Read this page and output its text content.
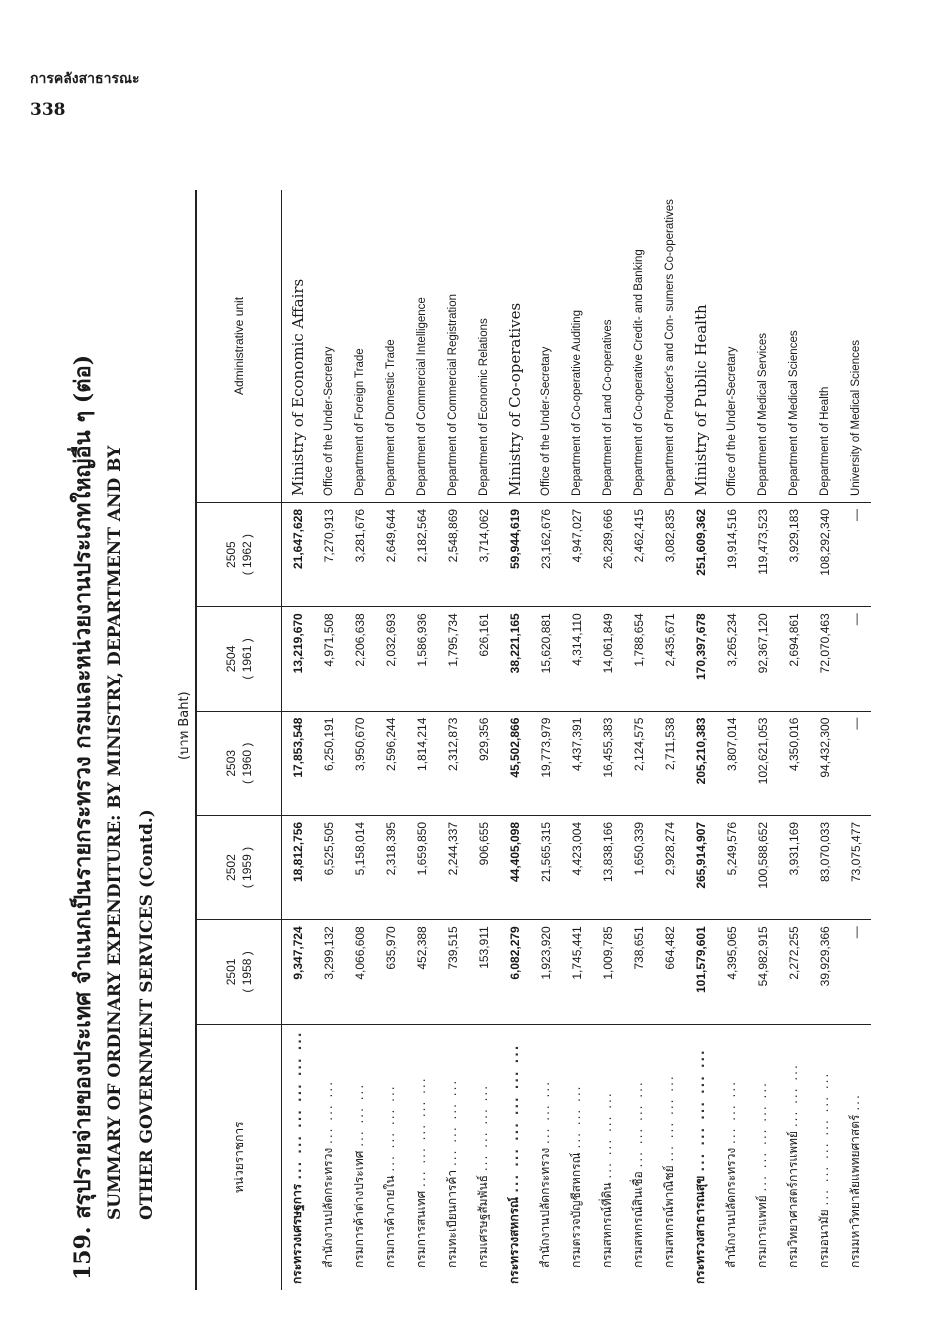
การคลังสาธารณะ
338
159. สรุปรายจ่ายของประเทศ จำแนกเป็นรายกระทรวง กรมและหน่วยงานประเภทใหญ่อื่น ๆ (ต่อ) SUMMARY OF ORDINARY EXPENDITURE: BY MINISTRY, DEPARTMENT AND BY OTHER GOVERNMENT SERVICES (Contd.)
(บาท Baht)
หน่วยราชการ	2501 ( 1958 )	2502 ( 1959 )	2503 ( 1960 )	2504 ( 1961 )	2505 ( 1962 )	Administrative unit
กระทรวงเศรษฐการ ... ... ... ... ... ...	9,347,724	18,812,756	17,853,548	13,219,670	21,647,628	Ministry of Economic Affairs
สำนักงานปลัดกระทรวง ... ... ...	3,299,132	6,525,505	6,250,191	4,971,508	7,270,913	Office of the Under-Secretary
กรมการค้าต่างประเทศ ... ... ...	4,066,608	5,158,014	3,950,670	2,206,638	3,281,676	Department of Foreign Trade
กรมการค้าภายใน ... ... ... ...	635,970	2,318,395	2,596,244	2,032,693	2,649,644	Department of Domestic Trade
กรมการสนเทศ ... ... ... ... ...	452,388	1,659,850	1,814,214	1,586,936	2,182,564	Department of Commercial Intelligence
กรมทะเบียนการค้า ... ... ... ...	739,515	2,244,337	2,312,873	1,795,734	2,548,869	Department of Commercial Registration
กรมเศรษฐสัมพันธ์ ... ... ... ...	153,911	906,655	929,356	626,161	3,714,062	Department of Economic Relations
กระทรวงสหกรณ์ ... ... ... ... ... ...	6,082,279	44,405,098	45,502,866	38,221,165	59,944,619	Ministry of Co-operatives
สำนักงานปลัดกระทรวง ... ... ...	1,923,920	21,565,315	19,773,979	15,620,881	23,162,676	Office of the Under-Secretary
กรมตรวจบัญชีสหกรณ์ ... ... ...	1,745,441	4,423,004	4,437,391	4,314,110	4,947,027	Department of Co-operative Auditing
กรมสหกรณ์ที่ดิน ... ... ... ...	1,009,785	13,838,166	16,455,383	14,061,849	26,289,666	Department of Land Co-operatives
กรมสหกรณ์สินเชื่อ ... ... ... ...	738,651	1,650,339	2,124,575	1,788,654	2,462,415	Department of Co-operative Credit- and Banking
กรมสหกรณ์พาณิชย์ ... ... ... ...	664,482	2,928,274	2,711,538	2,435,671	3,082,835	Department of Producer's and Con- sumers Co-operatives
กระทรวงสาธารณสุข ... ... ... ... ...	101,579,601	265,914,907	205,210,383	170,397,678	251,609,362	Ministry of Public Health
สำนักงานปลัดกระทรวง ... ... ...	4,395,065	5,249,576	3,807,014	3,265,234	19,914,516	Office of the Under-Secretary
กรมการแพทย์ ... ... ... ... ...	54,982,915	100,588,652	102,621,053	92,367,120	119,473,523	Department of Medical Services
กรมวิทยาศาสตร์การแพทย์ ... ... ...	2,272,255	3,931,169	4,350,016	2,694,861	3,929,183	Department of Medical Sciences
กรมอนามัย ... ... ... ... ... ...	39,929,366	83,070,033	94,432,300	72,070,463	108,292,340	Department of Health
กรมมหาวิทยาลัยแพทยศาสตร์ ...	—	73,075,477	—	—	—	University of Medical Sciences
